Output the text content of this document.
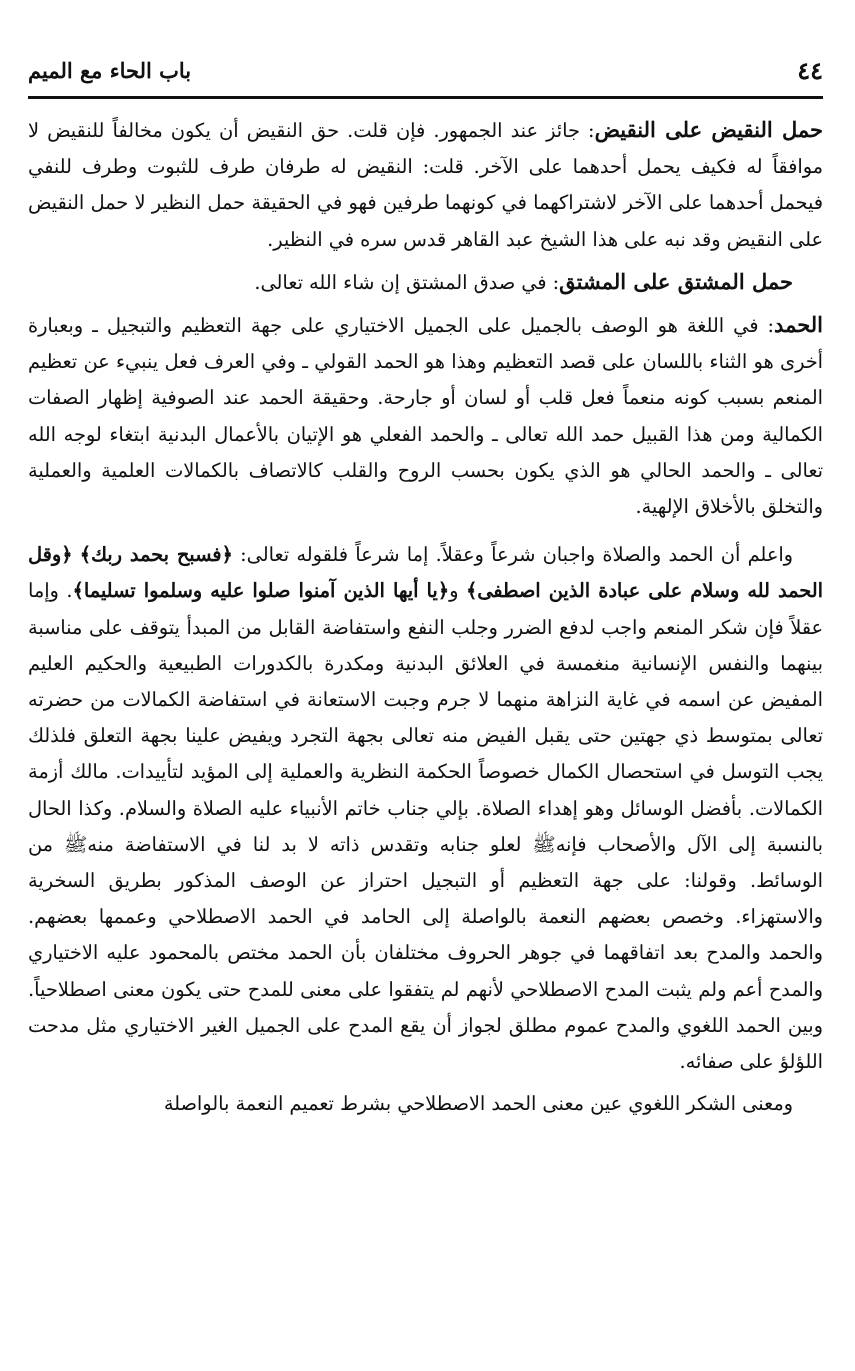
٤٤
باب الحاء مع الميم

حمل النقيض على النقيض: جائز عند الجمهور. فإن قلت. حق النقيض أن يكون مخالفاً للنقيض لا موافقاً له فكيف يحمل أحدهما على الآخر. قلت: النقيض له طرفان طرف للثبوت وطرف للنفي فيحمل أحدهما على الآخر لاشتراكهما في كونهما طرفين فهو في الحقيقة حمل النظير لا حمل النقيض على النقيض وقد نبه على هذا الشيخ عبد القاهر قدس سره في النظير.

حمل المشتق على المشتق: في صدق المشتق إن شاء الله تعالى.

الحمد: في اللغة هو الوصف بالجميل على الجميل الاختياري على جهة التعظيم والتبجيل ـ وبعبارة أخرى هو الثناء باللسان على قصد التعظيم وهذا هو الحمد القولي ـ وفي العرف فعل ينبيء عن تعظيم المنعم بسبب كونه منعماً فعل قلب أو لسان أو جارحة. وحقيقة الحمد عند الصوفية إظهار الصفات الكمالية ومن هذا القبيل حمد الله تعالى ـ والحمد الفعلي هو الإتيان بالأعمال البدنية ابتغاء لوجه الله تعالى ـ والحمد الحالي هو الذي يكون بحسب الروح والقلب كالاتصاف بالكمالات العلمية والعملية والتخلق بالأخلاق الإلهية.

واعلم أن الحمد والصلاة واجبان شرعاً وعقلاً. إما شرعاً فلقوله تعالى: ﴿فسبح بحمد ربك﴾ ﴿وقل الحمد لله وسلام على عبادة الذين اصطفى﴾ و﴿يا أيها الذين آمنوا صلوا عليه وسلموا تسليما﴾. وإما عقلاً فإن شكر المنعم واجب لدفع الضرر وجلب النفع واستفاضة القابل من المبدأ يتوقف على مناسبة بينهما والنفس الإنسانية منغمسة في العلائق البدنية ومكدرة بالكدورات الطبيعية والحكيم العليم المفيض عن اسمه في غاية النزاهة منهما لا جرم وجبت الاستعانة في استفاضة الكمالات من حضرته تعالى بمتوسط ذي جهتين حتى يقبل الفيض منه تعالى بجهة التجرد ويفيض علينا بجهة التعلق فلذلك يجب التوسل في استحصال الكمال خصوصاً الحكمة النظرية والعملية إلى المؤيد لتأييدات. مالك أزمة الكمالات. بأفضل الوسائل وهو إهداء الصلاة. بإلي جناب خاتم الأنبياء عليه الصلاة والسلام. وكذا الحال بالنسبة إلى الآل والأصحاب فإنهﷺ لعلو جنابه وتقدس ذاته لا بد لنا في الاستفاضة منهﷺ من الوسائط. وقولنا: على جهة التعظيم أو التبجيل احتراز عن الوصف المذكور بطريق السخرية والاستهزاء. وخصص بعضهم النعمة بالواصلة إلى الحامد في الحمد الاصطلاحي وعممها بعضهم. والحمد والمدح بعد اتفاقهما في جوهر الحروف مختلفان بأن الحمد مختص بالمحمود عليه الاختياري والمدح أعم ولم يثبت المدح الاصطلاحي لأنهم لم يتفقوا على معنى للمدح حتى يكون معنى اصطلاحياً. وبين الحمد اللغوي والمدح عموم مطلق لجواز أن يقع المدح على الجميل الغير الاختياري مثل مدحت اللؤلؤ على صفائه.

ومعنى الشكر اللغوي عين معنى الحمد الاصطلاحي بشرط تعميم النعمة بالواصلة
